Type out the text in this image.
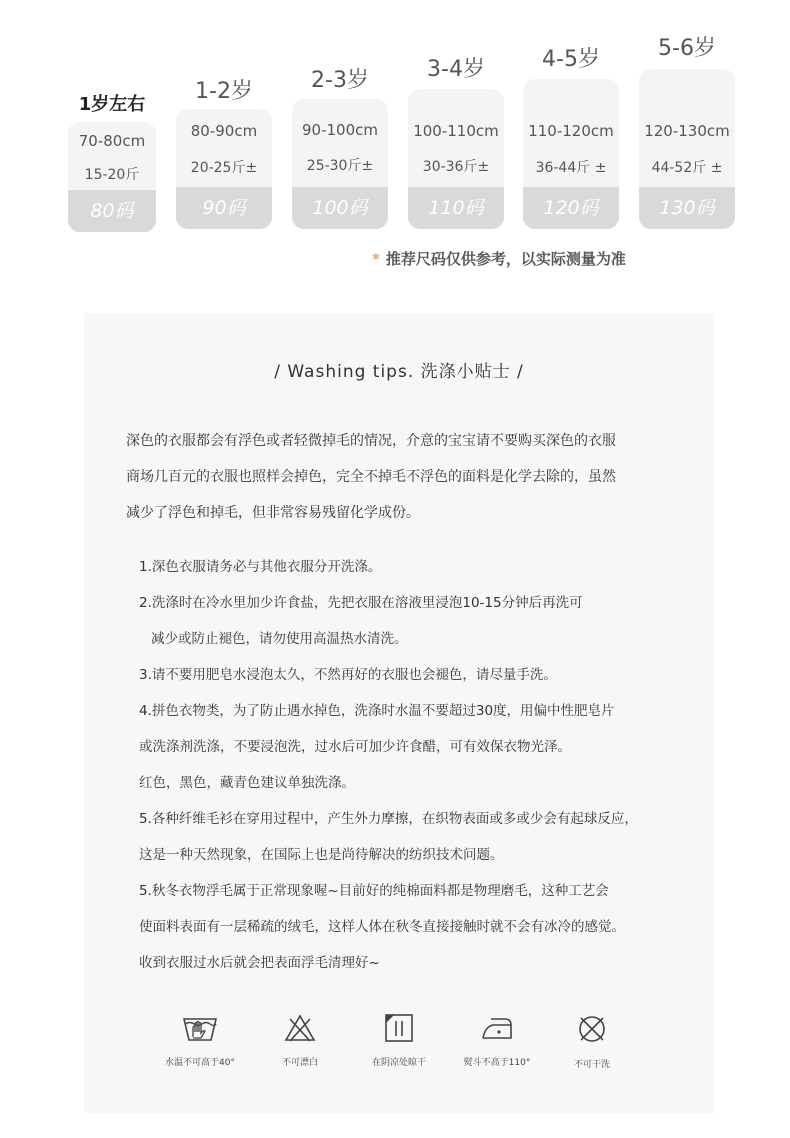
1岁左右
70-80cm
15-20斤
80码
1-2岁
80-90cm
20-25斤±
90码
2-3岁
90-100cm
25-30斤±
100码
3-4岁
100-110cm
30-36斤±
110码
4-5岁
110-120cm
36-44斤 ±
120码
5-6岁
120-130cm
44-52斤 ±
130码
* 推荐尺码仅供参考，以实际测量为准
/ Washing tips. 洗涤小贴士 /
深色的衣服都会有浮色或者轻微掉毛的情况，介意的宝宝请不要购买深色的衣服
商场几百元的衣服也照样会掉色，完全不掉毛不浮色的面料是化学去除的，虽然
减少了浮色和掉毛，但非常容易残留化学成份。
1.深色衣服请务必与其他衣服分开洗涤。
2.洗涤时在冷水里加少许食盐，先把衣服在溶液里浸泡10-15分钟后再洗可
减少或防止褪色，请勿使用高温热水清洗。
3.请不要用肥皂水浸泡太久，不然再好的衣服也会褪色，请尽量手洗。
4.拼色衣物类，为了防止遇水掉色，洗涤时水温不要超过30度，用偏中性肥皂片
或洗涤剂洗涤，不要浸泡洗，过水后可加少许食醋，可有效保衣物光泽。
红色，黑色，藏青色建议单独洗涤。
5.各种纤维毛衫在穿用过程中，产生外力摩擦，在织物表面或多或少会有起球反应，
这是一种天然现象，在国际上也是尚待解决的纺织技术问题。
5.秋冬衣物浮毛属于正常现象喔~目前好的纯棉面料都是物理磨毛，这种工艺会
使面料表面有一层稀疏的绒毛，这样人体在秋冬直接接触时就不会有冰冷的感觉。
收到衣服过水后就会把表面浮毛清理好~
水温不可高于40°	不可漂白	在阴凉处晾干	熨斗不高于110°	不可干洗
